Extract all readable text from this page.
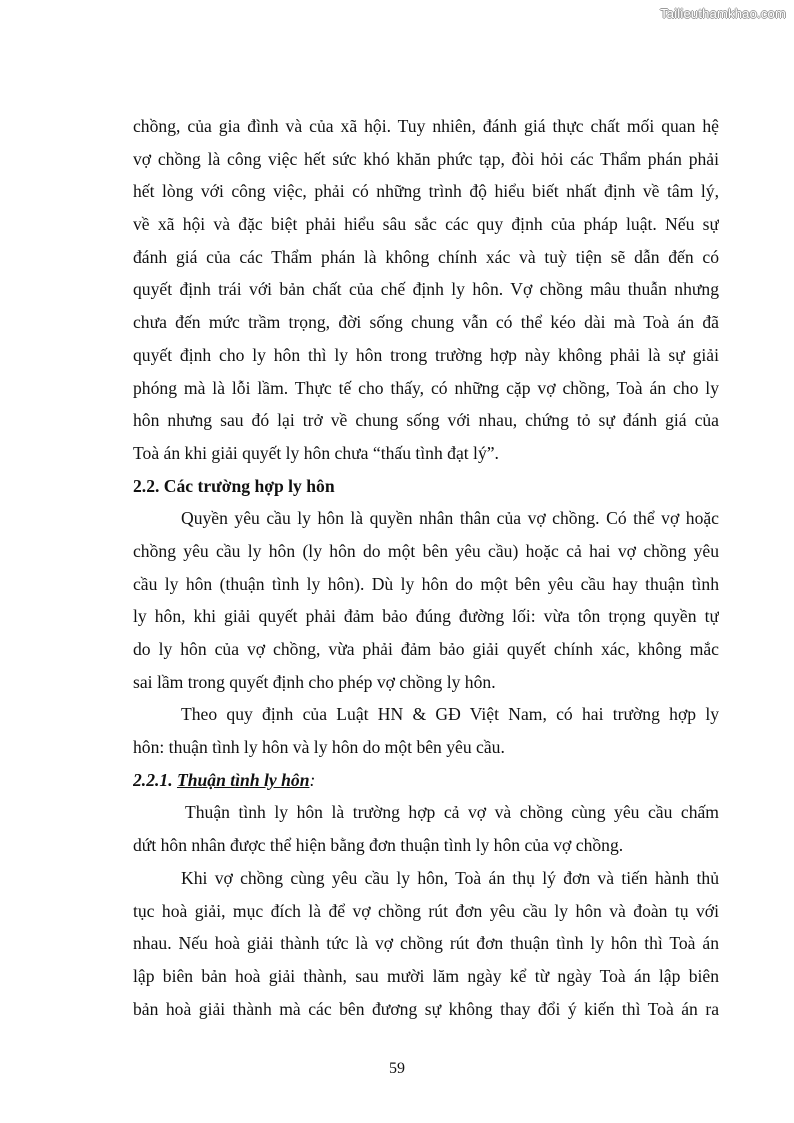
Tailieuthamkhao.com
chồng, của gia đình và của xã hội. Tuy nhiên, đánh giá thực chất mối quan hệ
vợ chồng là công việc hết sức khó khăn phức tạp, đòi hỏi các Thẩm phán phải
hết lòng với công việc, phải có những trình độ hiểu biết nhất định về tâm lý,
về xã hội và đặc biệt phải hiểu sâu sắc các quy định của pháp luật. Nếu sự
đánh giá của các Thẩm phán là không chính xác và tuỳ tiện sẽ dẫn đến có
quyết định trái với bản chất của chế định ly hôn. Vợ chồng mâu thuẫn nhưng
chưa đến mức trầm trọng, đời sống chung vẫn có thể kéo dài mà Toà án đã
quyết định cho ly hôn thì ly hôn trong trường hợp này không phải là sự giải
phóng mà là lỗi lầm. Thực tế cho thấy, có những cặp vợ chồng, Toà án cho ly
hôn nhưng sau đó lại trở về chung sống với nhau, chứng tỏ sự đánh giá của
Toà án khi giải quyết ly hôn chưa “thấu tình đạt lý”.
2.2. Các trường hợp ly hôn
Quyền yêu cầu ly hôn là quyền nhân thân của vợ chồng. Có thể vợ hoặc
chồng yêu cầu ly hôn (ly hôn do một bên yêu cầu) hoặc cả hai vợ chồng yêu
cầu ly hôn (thuận tình ly hôn). Dù ly hôn do một bên yêu cầu hay thuận tình
ly hôn, khi giải quyết phải đảm bảo đúng đường lối: vừa tôn trọng quyền tự
do ly hôn của vợ chồng, vừa phải đảm bảo giải quyết chính xác, không mắc
sai lầm trong quyết định cho phép vợ chồng ly hôn.
Theo quy định của Luật HN & GĐ Việt Nam, có hai trường hợp ly
hôn: thuận tình ly hôn và ly hôn do một bên yêu cầu.
2.2.1. Thuận tình ly hôn:
Thuận tình ly hôn là trường hợp cả vợ và chồng cùng yêu cầu chấm
dứt hôn nhân được thể hiện bằng đơn thuận tình ly hôn của vợ chồng.
Khi vợ chồng cùng yêu cầu ly hôn, Toà án thụ lý đơn và tiến hành thủ
tục hoà giải, mục đích là để vợ chồng rút đơn yêu cầu ly hôn và đoàn tụ với
nhau. Nếu hoà giải thành tức là vợ chồng rút đơn thuận tình ly hôn thì Toà án
lập biên bản hoà giải thành, sau mười lăm ngày kể từ ngày Toà án lập biên
bản hoà giải thành mà các bên đương sự không thay đổi ý kiến thì Toà án ra
59
